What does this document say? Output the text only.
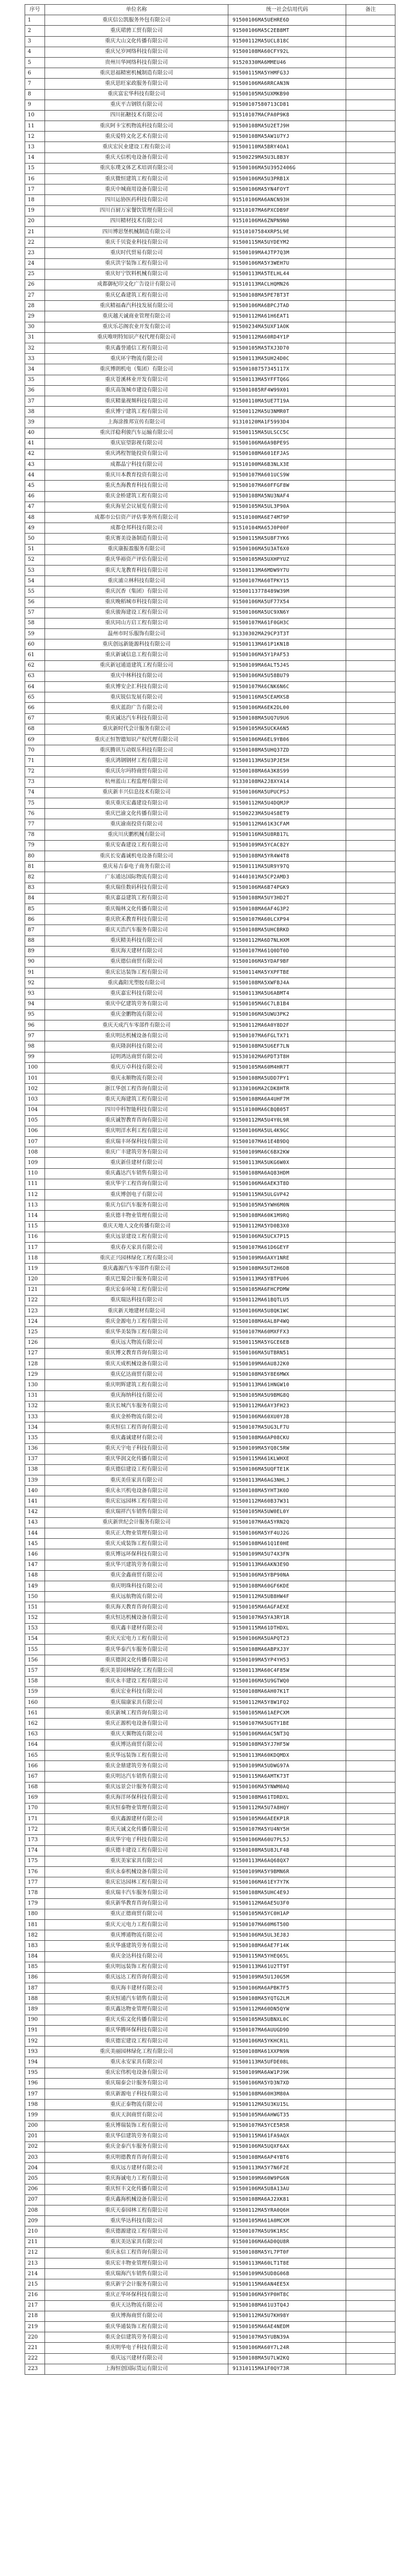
序号	单位名称	统一社会信用代码	备注
1	重庆信公凯服务外包有限公司	91500106MA5UEHRE6D	
2	重庆珺骋工贸有限公司	91500106MA5C2EB8MT	
3	重庆大山文化传播有限公司	91500112MA5UCL818C	
4	重庆兄岁网络科技有限公司	91500108MA60CFY92L	
5	贵州川华网络科技有限公司	91520330MA6MMEU46	
6	重庆思福精密机械制造有限公司	91500115MA5YHMFG3J	
7	重庆思旺家政服务有限公司	91500106MA6RRCAN3N	
8	重庆富宏华科技有限公司	91500105MA5UXMKB90	
9	重庆平吉钢铁有限公司	91500107580713CD81	
10	四川拓糖技术有限公司	91510107MACPA0P9K8	
11	重庆阿卡宝机物流科技有限公司	91500108MA5U2ETJ9H	
12	重庆爱特文化艺术有限公司	91500108MA5AW1U7YJ	
13	重庆宏民业建设工程有限公司	91500110MA5BRY4OA1	
14	重庆天信机电设备有限公司	91500229MA5U3L8B3Y	
15	重庆东璞文体艺术培训有限公司	91500106MA5U3952406G	
16	重庆微恒建筑工程有限公司	91500106MA5U3PRB1X	
17	重庆中城商用设备有限公司	91500106MA5YN4FOYT	
18	四川运协医药科技有限公司	91510106MA6ANCN93H	
19	四川百厨万家餐饮管理有限公司	91510107MA6PXCDB9F	
20	四川精材技术有限公司	91510106MA6ZNPN9N0	
21	四川博思堡机械制造有限公司	91510107584XRP5L9E	
22	重庆千贝瓷业科技有限公司	91500115MA5UYDEYM2	
23	重庆时代贸易有限公司	91500109MA4JTP7Q3M	
24	重庆洪宇装饰工程有限公司	91500106MA5Y3WEH7U	
25	重庆好宁饮料机械有限公司	91500113MA5TELHL44	
26	成都御杞印文化广告设计有限公司	91510113MACLHQMN26	
27	重庆亿森建筑工程有限公司	91500108MA5PE7BT3T	
28	重庆精福森汽科技发展有限公司	91500106MA6BPCJTAD	
29	重庆越天诚商业管理有限公司	91500112MA61H6EAT1	
30	重庆乐芯阁农业开发有限公司	91500234MA5UXF1AOK	
31	重庆唯明特知识产权代理有限公司	91500112MA60RD4Y1P	
32	重庆鑫誉通信工程有限公司	91500105MA5TXJ3D70	
33	重庆环宇物流有限公司	91500113MA5UH24D0C	
34	重庆博朗机电（集团）有限公司	91500108757345117X	
35	重庆苍溪林业开发有限公司	91500113MA5YFFTQ6G	
36	重庆高瓴城市建设有限公司	915001085RF4W99X01	
37	重庆精巢视频科技有限公司	91500110MA5UE7T19A	
38	重庆博宁建筑工程有限公司	91500112MA5U3NMR0T	
39	上海涂推邦宣传有限公司	91310120MA1F5993D4	
40	重庆洋稳利骏汽车运输有限公司	91500115MA5ULSCC5C	
41	重庆宸望影视有限公司	91500106MA6A9BPE9S	
42	重庆鸿程智能投资有限公司	91500108MA601EFJAS	
43	成都晶宁科技有限公司	91510100MA6B3NLX3E	
44	重庆川本教育投资有限公司	91500107MA601UCS9W	
45	重庆杰海教育科技有限公司	91500107MA60FFGF8W	
46	重庆金桥建筑工程有限公司	91500108MA5NU3NAF4	
47	重庆海星会议展览有限公司	91500105MA5UL3P90A	
48	成都市公信资产评估事务所有限公司	91510100MA6E74M79P	
49	成都仓邦科技有限公司	91510104MA65J0P00F	
50	重庆赛美设备制造有限公司	91500115MA5U8F7YK6	
51	重庆康振盈服务有限公司	91500106MA5U3AT6X0	
52	重庆华裕资产评估有限公司	91500105MA5UXHPYUZ	
53	重庆大龙教育科技有限公司	91500113MA6MDW9Y7U	
54	重庆浦立林科技有限公司	91500107MA60TPKY15	
55	重庆沉香（集团）有限公司	91500113778489W39M	
56	重庆晚稻城市科技有限公司	91500106MA5UF77X54	
57	重庆骏海建设工程有限公司	91500106MA5UC9XN6Y	
58	重庆同山方启工程有限公司	91500107MA61F0GH3C	
59	温州市时乐服饰有限公司	91330302MA29CP3T3T	
60	重庆创远新能源科技有限公司	91500113MA61P1KN1B	
61	重庆新诚信息工程有限公司	91500106MA5Y1PAF53	
62	重庆新冠通道建筑工程有限公司	91500109MA6ALT5J4S	
63	重庆中林科技有限公司	91500106MA5U58BU79	
64	重庆博安企汇科技有限公司	91500107MA6CNK6N6C	
65	重庆锐信发展有限公司	91500116MA5CEAMXSB	
66	重庆蓝韵广告有限公司	91500106MA6EK2DL00	
67	重庆诚达汽车科技有限公司	91500108MA5UQ7U9U6	
68	重庆新时代会计服务有限公司	91500105MA5UCKA6N5	
69	重庆正恒智德知识产权代理有限公司	91500106MA6EL9YB06	
70	重庆腾讯互动娱乐科技有限公司	91500108MA5UHQ37ZD	
71	重庆鸿钢钢材工程有限公司	91500113MA5U3PJE5H	
72	重庆沃尔玛特商贸有限公司	91500108MA6A3K8S99	
73	杭州蓝山工程监理有限公司	91330108MA2J8XYA14	
74	重庆新丰兴信息技术有限公司	91500106MA5UPUCPSJ	
75	重庆重庆宏鑫建设有限公司	91500112MA5U4DQMJP	
76	重庆巴渝文化传播有限公司	91500223MA5U4S8ET9	
77	重庆渝南投资有限公司	91500112MA61K3CFAM	
78	重庆川庆鹏机械有限公司	91500116MA5U8RB17L	
79	重庆安森建设工程有限公司	91500109MA5YCAC82Y	
80	重庆长安鑫诚机电设备有限公司	91500108MA5YR4W4T8	
81	重庆易吉泰电子商务有限公司	91500111MA5UR9Y97Q	
82	广东通达国际物流有限公司	91440101MA5CP2AMD3	
83	重庆瑞佳数码科技有限公司	91500106MA6B74PGK9	
84	重庆嘉益建筑工程有限公司	91500108MA5UY3HD2T	
85	重庆翰林文化传播有限公司	91500108MA6AF4G3P2	
86	重庆欣禾教育科技有限公司	91500107MA60LCXP94	
87	重庆天浩汽车服务有限公司	91500108MA5UHCBRKD	
88	重庆精美科技有限公司	91500112MA6D7NLHXM	
89	重庆海天建材有限公司	91500107MA61Q0DT0D	
90	重庆德信商贸有限公司	91500106MA5YDAF9BF	
91	重庆宏达装饰工程有限公司	91500114MA5YXPFTBE	
92	重庆鑫阳光塑胶有限公司	91500108MA5XWFBJ4A	
93	重庆嘉宏科技有限公司	91500113MA5U6ABMT4	
94	重庆中亿建筑劳务有限公司	91500105MA6C7LB1B4	
95	重庆金鹏物流有限公司	91500106MA5UWU3PK2	
96	重庆天成汽车零部件有限公司	91500112MA6A0Y8D2F	
97	重庆明达机械设备有限公司	91500107MA6FGLTX71	
98	重庆隆润科技有限公司	91500108MA5U6EF7LN	
99	昆明鸿达商贸有限公司	91530102MA6PDT3T8H	
100	重庆万卓科技有限公司	91500105MA60M4HR7T	
101	重庆永顺物流有限公司	91500108MA5UDD7PY1	
102	浙江华创工程咨询有限公司	91330106MA2CDK8HTR	
103	重庆天海建筑工程有限公司	91500108MA6A4UHF7M	
104	四川中科智能科技有限公司	91510100MA6CBQB05T	
105	重庆诚智教育咨询有限公司	91500112MA5U4Y0L9R	
106	重庆明洋水利工程有限公司	91500106MA5UL4K9GC	
107	重庆瑞丰环保科技有限公司	91500107MA61E4B9DQ	
108	重庆广丰建筑劳务有限公司	91500109MA6C6BX2KW	
109	重庆新佳建材有限公司	91500113MA5UKG6W0X	
110	重庆鑫达汽车销售有限公司	91500108MA6AQ83HDM	
111	重庆华宇工程咨询有限公司	91500106MA6AEK3T8D	
112	重庆博创电子有限公司	91500115MA5ULGVP42	
113	重庆力信汽车服务有限公司	91500105MA5YWH6M0N	
114	重庆德丰物业管理有限公司	91500108MA60K1M9RQ	
115	重庆天地人文化传播有限公司	91500112MA5YD0B3X0	
116	重庆远景建设工程有限公司	91500106MA5UCX7P15	
117	重庆春天家具有限公司	91500107MA61D6GEYF	
118	重庆正兴园林绿化工程有限公司	91500109MA6AXY1NRE	
119	重庆鑫源汽车零部件有限公司	91500108MA5UT2H6DB	
120	重庆巴蜀会计服务有限公司	91500113MA5YBTPU06	
121	重庆宏泰环境工程有限公司	91500105MA6FHCPDMW	
122	重庆瑞达科技有限公司	91500112MA61BQTLU5	
123	重庆新天地建材有限公司	91500106MA5U8QK1WC	
124	重庆金源电力工程有限公司	91500108MA6AL8P4WQ	
125	重庆华美装饰工程有限公司	91500107MA60MXFFX3	
126	重庆远大物流有限公司	91500115MA5YGCE6EB	
127	重庆博文教育咨询有限公司	91500106MA5UTBRN51	
128	重庆天成机械设备有限公司	91500109MA6AU8J2K0	
129	重庆亿达商贸有限公司	91500108MA5Y8E6MWX	
130	重庆明辉建筑工程有限公司	91500113MA61HNGW10	
131	重庆海纳科技有限公司	91500105MA5U9BMG8Q	
132	重庆长城汽车服务有限公司	91500112MA6AY3FH23	
133	重庆金桥物流有限公司	91500106MA60XU0YJB	
134	重庆恒信工程咨询有限公司	91500107MA5UG3LF7U	
135	重庆鑫诚建材有限公司	91500108MA6AP08CKU	
136	重庆天宇电子科技有限公司	91500109MA5YQ8C5RW	
137	重庆华润文化传播有限公司	91500115MA61KLWHXE	
138	重庆德信建设工程有限公司	91500106MA5UQFTE1K	
139	重庆美佳家具有限公司	91500113MA6AG3NHLJ	
140	重庆永兴机电设备有限公司	91500108MA5YHT3K0D	
141	重庆宏远园林工程有限公司	91500112MA60B37W31	
142	重庆瑞祥汽车销售有限公司	91500105MA5UW0EL0Y	
143	重庆新世纪会计服务有限公司	91500107MA6A5YRN2Q	
144	重庆正大物业管理有限公司	91500106MA5YF4UJ2G	
145	重庆天成装饰工程有限公司	91500108MA61Q1E0HE	
146	重庆博远环保科技有限公司	91500109MA5U74X3FN	
147	重庆华兴建筑劳务有限公司	91500113MA6AKN3E9D	
148	重庆金鑫商贸有限公司	91500106MA5YBP90NA	
149	重庆明珠科技有限公司	91500108MA60GF6KDE	
150	重庆远航物流有限公司	91500112MA5UB8HW4F	
151	重庆海天教育咨询有限公司	91500105MA6AGFAEXE	
152	重庆恒达机械设备有限公司	91500107MA5YA3RY1R	
153	重庆鑫丰建材有限公司	91500115MA61DTHDXL	
154	重庆天宏电力工程有限公司	91500106MA5UAPQT23	
155	重庆华泰汽车服务有限公司	91500108MA6ABPXJ3Y	
156	重庆德润文化传播有限公司	91500109MA5YP4YH53	
157	重庆美景园林绿化工程有限公司	91500113MA60C4F85W	
158	重庆永丰建设工程有限公司	91500106MA5U9GTWQ0	
159	重庆宏业科技有限公司	91500108MA6AH07K1T	
160	重庆瑞康家具有限公司	91500112MA5Y8W1FQ2	
161	重庆新城工程咨询有限公司	91500105MA61AEPCXM	
162	重庆正源机电设备有限公司	91500107MA5UGTY1BE	
163	重庆天翼物流有限公司	91500106MA6AC5NT3Q	
164	重庆博达商贸有限公司	91500108MA5YJ7HF5W	
165	重庆华远装饰工程有限公司	91500113MA60KDQMDX	
166	重庆金鼎建筑劳务有限公司	91500109MA5UDWG97A	
167	重庆明达汽车销售有限公司	91500115MA6AMTK73T	
168	重庆远景会计服务有限公司	91500106MA5YNWM0AQ	
169	重庆海洋环保科技有限公司	91500108MA61TDRDXL	
170	重庆恒泰物业管理有限公司	91500112MA5U7A8HQY	
171	重庆鑫源建材有限公司	91500105MA6AEEKP1R	
172	重庆天诚文化传播有限公司	91500107MA5YU4NY5H	
173	重庆华宇电子科技有限公司	91500106MA60U7PL5J	
174	重庆德丰建设工程有限公司	91500108MA5U8JLF4B	
175	重庆美家家具有限公司	91500113MA6AQ68QX7	
176	重庆永泰机械设备有限公司	91500109MA5Y9BMN6R	
177	重庆宏达园林工程有限公司	91500106MA61EY7Y7K	
178	重庆瑞丰汽车服务有限公司	91500108MA5UHC4E9J	
179	重庆新华教育咨询有限公司	91500112MA6AE5U3F0	
180	重庆正德商贸有限公司	91500105MA5YC0H1AP	
181	重庆天元电力工程有限公司	91500107MA60M6T50D	
182	重庆博通物流有限公司	91500106MA5UL3EJ8J	
183	重庆华盛建筑劳务有限公司	91500108MA6AE7F14K	
184	重庆金达科技有限公司	91500115MA5YHEQ65L	
185	重庆明远装饰工程有限公司	91500113MA61U2TT9T	
186	重庆远达工程咨询有限公司	91500109MA5U1J0G5M	
187	重庆海丰建材有限公司	91500106MA6APBK7F5	
188	重庆恒通汽车销售有限公司	91500108MA5YQTG2LM	
189	重庆鑫达物业管理有限公司	91500112MA60DN5QYW	
190	重庆天佑文化传播有限公司	91500105MA5UBNXL0C	
191	重庆华腾环保科技有限公司	91500107MA6AUUGD9D	
192	重庆德宏建设工程有限公司	91500106MA5YKHCR1L	
193	重庆美丽园林绿化工程有限公司	91500108MA61XXPN9N	
194	重庆永安家具有限公司	91500113MA5UFDE08L	
195	重庆宏伟机电设备有限公司	91500109MA6AW1PJ9K	
196	重庆瑞泰会计服务有限公司	91500106MA5YD3N7XD	
197	重庆新源电子科技有限公司	91500108MA60H3M80A	
198	重庆正泰物流有限公司	91500112MA5U3KU15L	
199	重庆天润商贸有限公司	91500105MA6AHWGT35	
200	重庆博瑞装饰工程有限公司	91500107MA5YCE5R5R	
201	重庆华信建筑劳务有限公司	91500115MA61FA9AQX	
202	重庆金泰汽车服务有限公司	91500106MA5UQXF6AX	
203	重庆明德教育咨询有限公司	91500108MA6AP4YBT6	
204	重庆远方建材有限公司	91500113MA5Y7N6F2E	
205	重庆海诚电力工程有限公司	91500109MA60W9PG6N	
206	重庆恒丰文化传播有限公司	91500106MA5U8A13AU	
207	重庆鑫海机械设备有限公司	91500108MA6AJ2XK81	
208	重庆天泰园林工程有限公司	91500112MA5YRA0Q6H	
209	重庆华达科技有限公司	91500105MA61A0MCXM	
210	重庆德源建设工程有限公司	91500107MA5U9K1R5C	
211	重庆美达家具有限公司	91500106MA6AD0QU8R	
212	重庆永信工程咨询有限公司	91500108MA5YL7PT0F	
213	重庆宏丰物业管理有限公司	91500113MA60LT1T8E	
214	重庆瑞海汽车销售有限公司	91500109MA5UD8G06B	
215	重庆新宇会计服务有限公司	91500115MA6AN4EE5X	
216	重庆正华环保科技有限公司	91500106MA5YP0HT8C	
217	重庆天达物流有限公司	91500108MA61U3TQ4J	
218	重庆博海商贸有限公司	91500112MA5U7KH98Y	
219	重庆华通装饰工程有限公司	91500105MA6AE4NEDM	
220	重庆金信建筑劳务有限公司	91500107MA5YUBN39A	
221	重庆明华电子科技有限公司	91500106MA60Y7L24R	
222	重庆远兴建材有限公司	91500108MA5U7LW2KQ	
223	上海恒创国际货运有限公司	91310115MA1F0QY73R	
